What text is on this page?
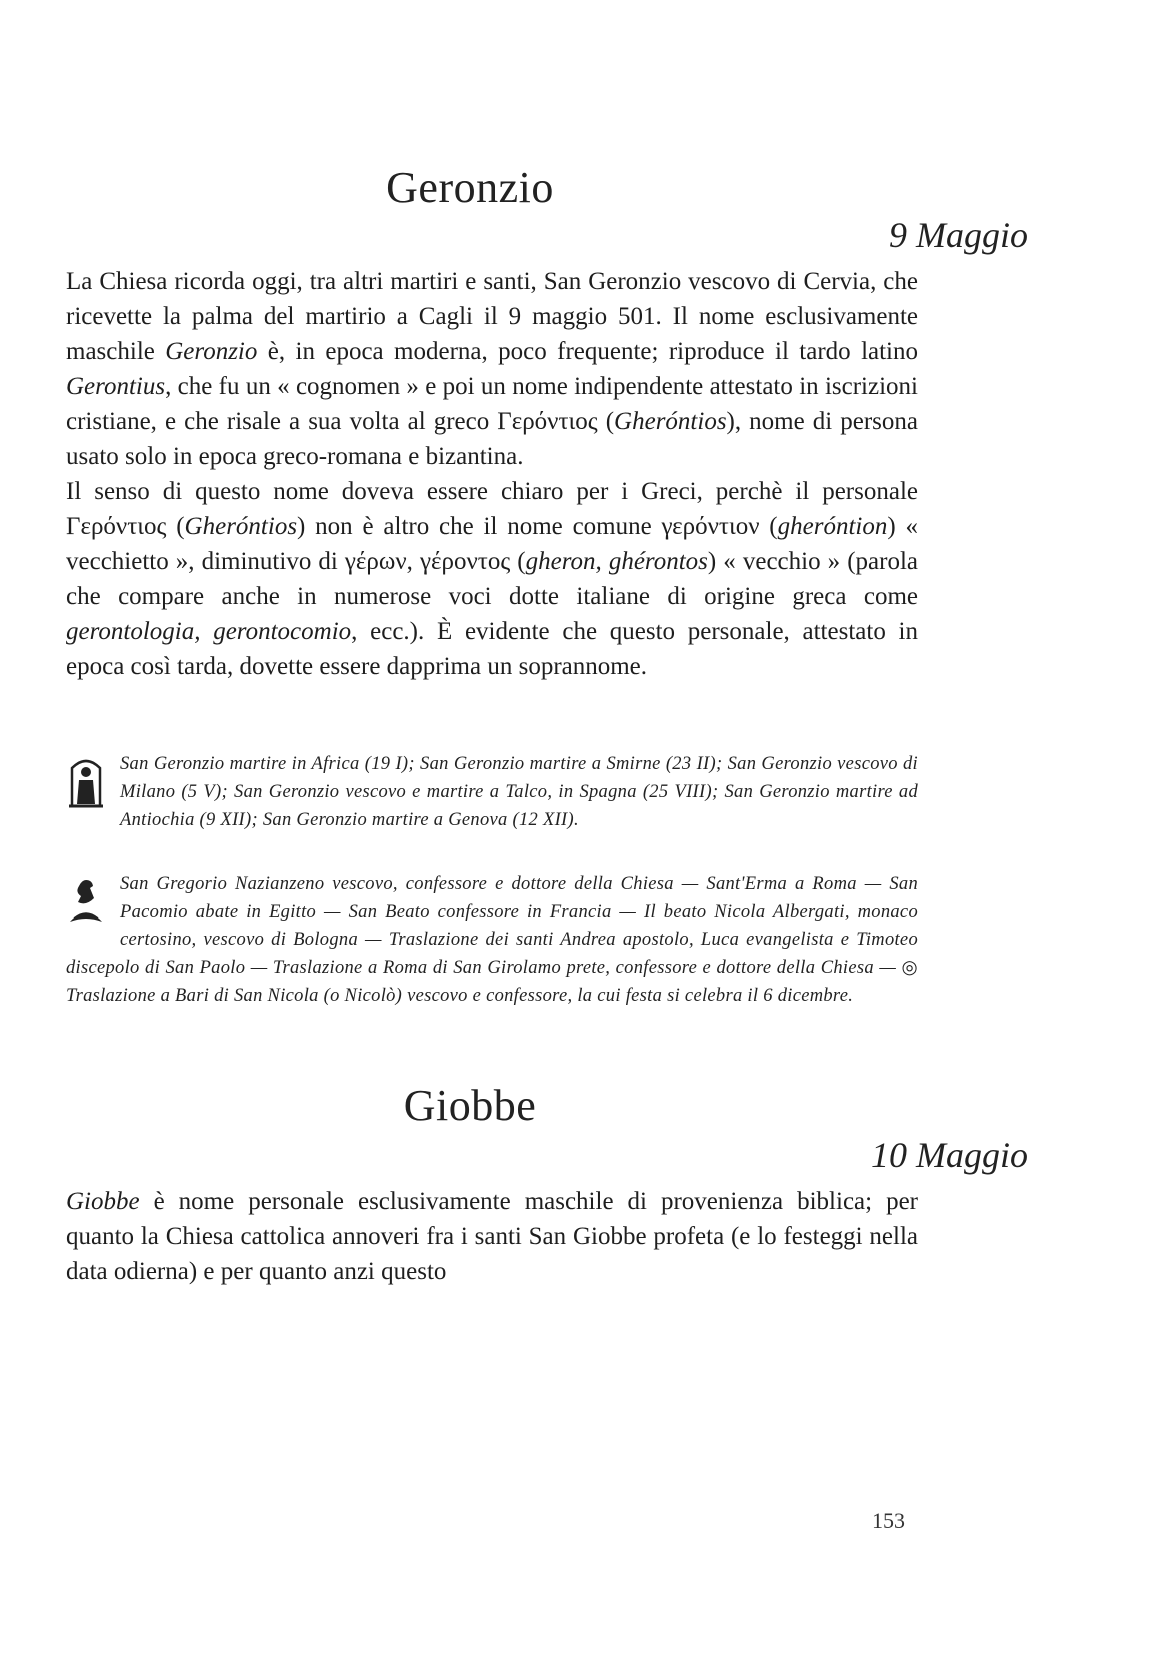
Geronzio
9 Maggio

La Chiesa ricorda oggi, tra altri martiri e santi, San Geronzio vescovo di Cervia, che ricevette la palma del martirio a Cagli il 9 maggio 501. Il nome esclusivamente maschile Geronzio è, in epoca moderna, poco frequente; riproduce il tardo latino Gerontius, che fu un « cognomen » e poi un nome indipendente attestato in iscrizioni cristiane, e che risale a sua volta al greco Γερόντιος (Gheróntios), nome di persona usato solo in epoca greco-romana e bizantina.

Il senso di questo nome doveva essere chiaro per i Greci, perchè il personale Γερόντιος (Gheróntios) non è altro che il nome comune γερόντιον (gheróntion) « vecchietto », diminutivo di γέρων, γέροντος (gheron, ghérontos) « vecchio » (parola che compare anche in numerose voci dotte italiane di origine greca come gerontologia, gerontocomio, ecc.). È evidente che questo personale, attestato in epoca così tarda, dovette essere dapprima un soprannome.

San Geronzio martire in Africa (19 I); San Geronzio martire a Smirne (23 II); San Geronzio vescovo di Milano (5 V); San Geronzio vescovo e martire a Talco, in Spagna (25 VIII); San Geronzio martire ad Antiochia (9 XII); San Geronzio martire a Genova (12 XII).
San Gregorio Nazianzeno vescovo, confessore e dottore della Chiesa — Sant'Erma a Roma — San Pacomio abate in Egitto — San Beato confessore in Francia — Il beato Nicola Albergati, monaco certosino, vescovo di Bologna — Traslazione dei santi Andrea apostolo, Luca evangelista e Timoteo discepolo di San Paolo — Traslazione a Roma di San Girolamo prete, confessore e dottore della Chiesa — ◎ Traslazione a Bari di San Nicola (o Nicolò) vescovo e confessore, la cui festa si celebra il 6 dicembre.
Giobbe
10 Maggio

Giobbe è nome personale esclusivamente maschile di provenienza biblica; per quanto la Chiesa cattolica annoveri fra i santi San Giobbe profeta (e lo festeggi nella data odierna) e per quanto anzi questo

153
